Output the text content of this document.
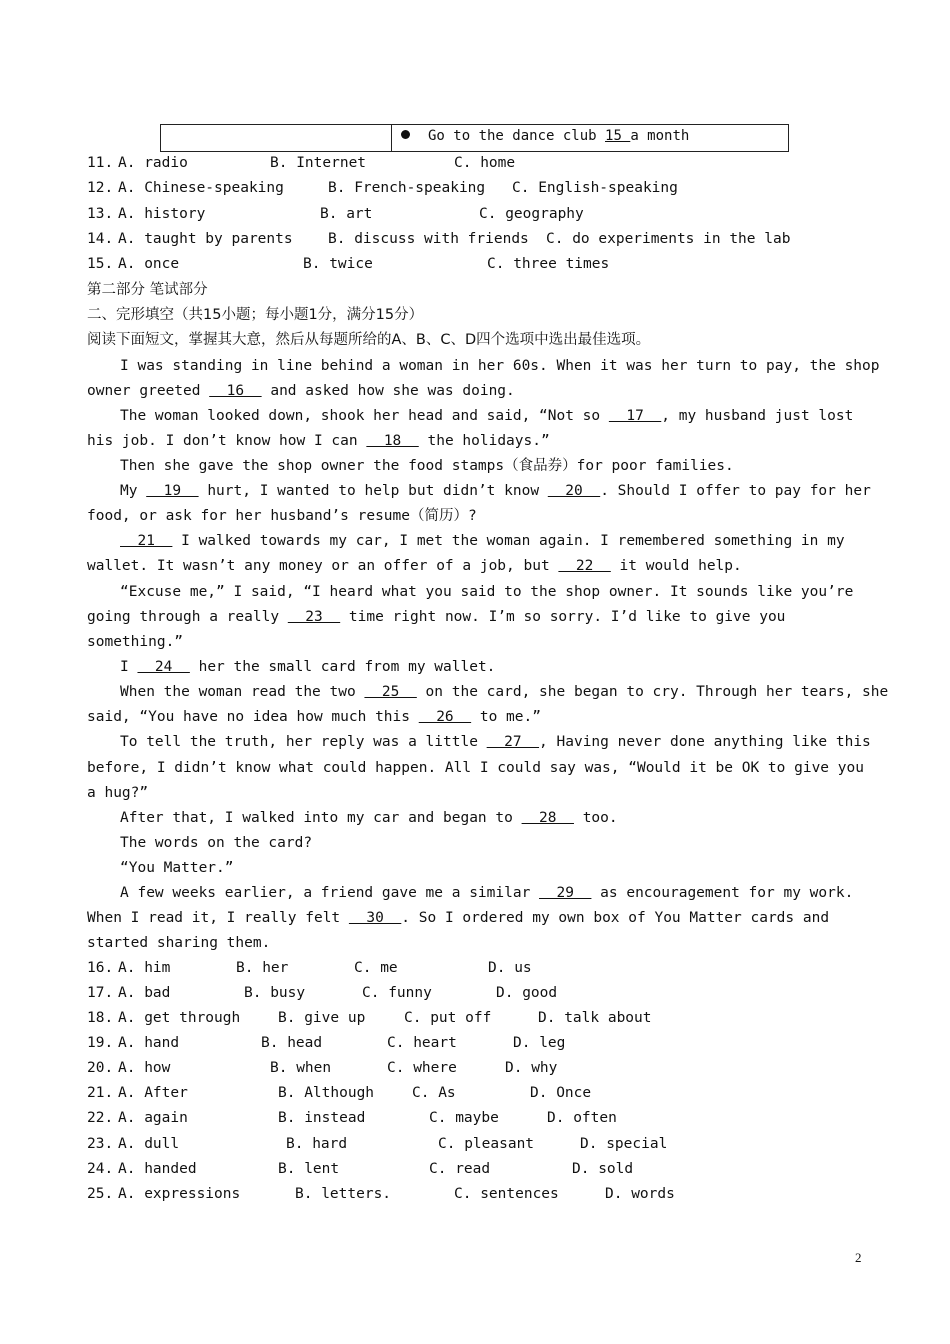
Go to the dance club 15 a month
11. A. radio	B. Internet	C. home
12. A. Chinese-speaking	B. French-speaking C. English-speaking
13. A. history	B. art	C. geography
14. A. taught by parents B. discuss with friends C. do experiments in the lab
15. A. once	B. twice	C. three times
第二部分 笔试部分
二、完形填空（共15小题；每小题1分，满分15分）
阅读下面短文，掌握其大意，然后从每题所给的A、B、C、D四个选项中选出最佳选项。
I was standing in line behind a woman in her 60s. When it was her turn to pay, the shop
owner greeted   16   and asked how she was doing.
The woman looked down, shook her head and said, “Not so   17  , my husband just lost
his job. I don’t know how I can   18   the holidays.”
Then she gave the shop owner the food stamps（食品券）for poor families.
My   19   hurt, I wanted to help but didn’t know   20  . Should I offer to pay for her
food, or ask for her husband’s resume（简历）?
21   I walked towards my car, I met the woman again. I remembered something in my
wallet. It wasn’t any money or an offer of a job, but   22   it would help.
“Excuse me,” I said, “I heard what you said to the shop owner. It sounds like you’re
going through a really   23   time right now. I’m so sorry. I’d like to give you
something.”
I   24   her the small card from my wallet.
When the woman read the two   25   on the card, she began to cry. Through her tears, she
said, “You have no idea how much this   26   to me.”
To tell the truth, her reply was a little   27  , Having never done anything like this
before, I didn’t know what could happen. All I could say was, “Would it be OK to give you
a hug?”
After that, I walked into my car and began to   28   too.
The words on the card?
“You Matter.”
A few weeks earlier, a friend gave me a similar   29   as encouragement for my work.
When I read it, I really felt   30  . So I ordered my own box of You Matter cards and
started sharing them.
16. A. him	B. her	C. me	D. us
17. A. bad	B. busy	C. funny	D. good
18. A. get through	B. give up	C. put off	D. talk about
19. A. hand	B. head	C. heart	D. leg
20. A. how	B. when	C. where	D. why
21. A. After	B. Although	C. As	D. Once
22. A. again	B. instead	C. maybe	D. often
23. A. dull	B. hard	C. pleasant	D. special
24. A. handed	B. lent	C. read	D. sold
25. A. expressions	B. letters.	C. sentences	D. words
2
